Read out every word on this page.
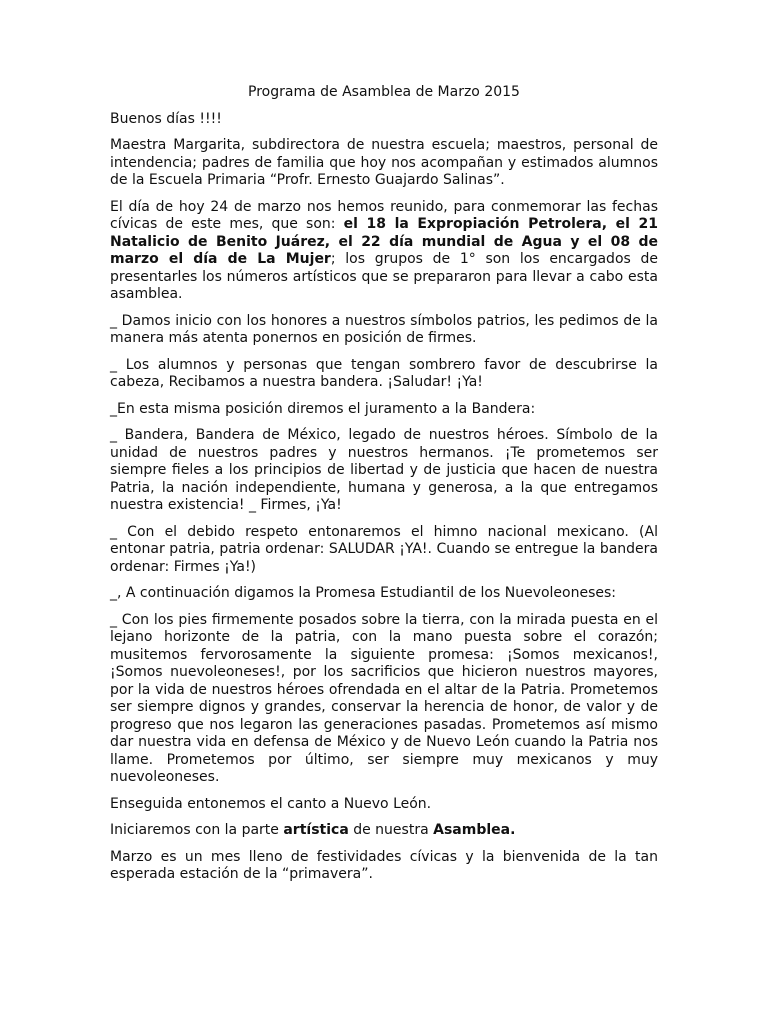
Programa de Asamblea de Marzo 2015
Buenos días !!!!
Maestra Margarita, subdirectora de nuestra escuela; maestros, personal de intendencia; padres de familia que hoy nos acompañan y estimados alumnos de la Escuela Primaria “Profr. Ernesto Guajardo Salinas”.
El día de hoy 24 de marzo nos hemos reunido, para conmemorar las fechas cívicas de este mes, que son: el 18 la Expropiación Petrolera, el 21 Natalicio de Benito Juárez, el 22 día mundial de Agua y el 08 de marzo el día de La Mujer; los grupos de 1° son los encargados de presentarles los números artísticos que se prepararon para llevar a cabo esta asamblea.
_ Damos inicio con los honores a nuestros símbolos patrios, les pedimos de la manera más atenta ponernos en posición de firmes.
_ Los alumnos y personas que tengan sombrero favor de descubrirse la cabeza, Recibamos a nuestra bandera. ¡Saludar! ¡Ya!
_En esta misma posición diremos el juramento a la Bandera:
_ Bandera, Bandera de México, legado de nuestros héroes. Símbolo de la unidad de nuestros padres y nuestros hermanos. ¡Te prometemos ser siempre fieles a los principios de libertad y de justicia que hacen de nuestra Patria, la nación independiente, humana y generosa, a la que entregamos nuestra existencia! _ Firmes, ¡Ya!
_ Con el debido respeto entonaremos el himno nacional mexicano. (Al entonar patria, patria ordenar: SALUDAR ¡YA!. Cuando se entregue la bandera ordenar: Firmes ¡Ya!)
_, A continuación digamos la Promesa Estudiantil de los Nuevoleoneses:
_ Con los pies firmemente posados sobre la tierra, con la mirada puesta en el lejano horizonte de la patria, con la mano puesta sobre el corazón; musitemos fervorosamente la siguiente promesa: ¡Somos mexicanos!, ¡Somos nuevoleoneses!, por los sacrificios que hicieron nuestros mayores, por la vida de nuestros héroes ofrendada en el altar de la Patria. Prometemos ser siempre dignos y grandes, conservar la herencia de honor, de valor y de progreso que nos legaron las generaciones pasadas. Prometemos así mismo dar nuestra vida en defensa de México y de Nuevo León cuando la Patria nos llame. Prometemos por último, ser siempre muy mexicanos y muy nuevoleoneses.
Enseguida entonemos el canto a Nuevo León.
Iniciaremos con la parte artística de nuestra Asamblea.
Marzo es un mes lleno de festividades cívicas y la bienvenida de la tan esperada estación de la “primavera”.
